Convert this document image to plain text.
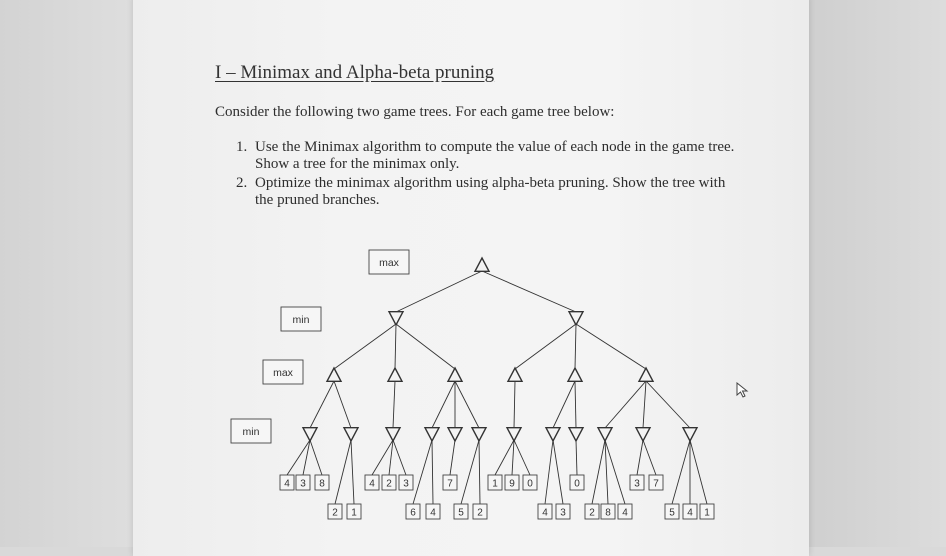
I – Minimax and Alpha-beta pruning

Consider the following two game trees. For each game tree below:

1. Use the Minimax algorithm to compute the value of each node in the game tree.
Show a tree for the minimax only.
2. Optimize the minimax algorithm using alpha-beta pruning. Show the tree with
the pruned branches.
max
min
max
min
4 3 8
2 1
4 2 3
6 4
7
5 2
1 9 0
4 3
0
2 8 4
3 7
5 4 1
